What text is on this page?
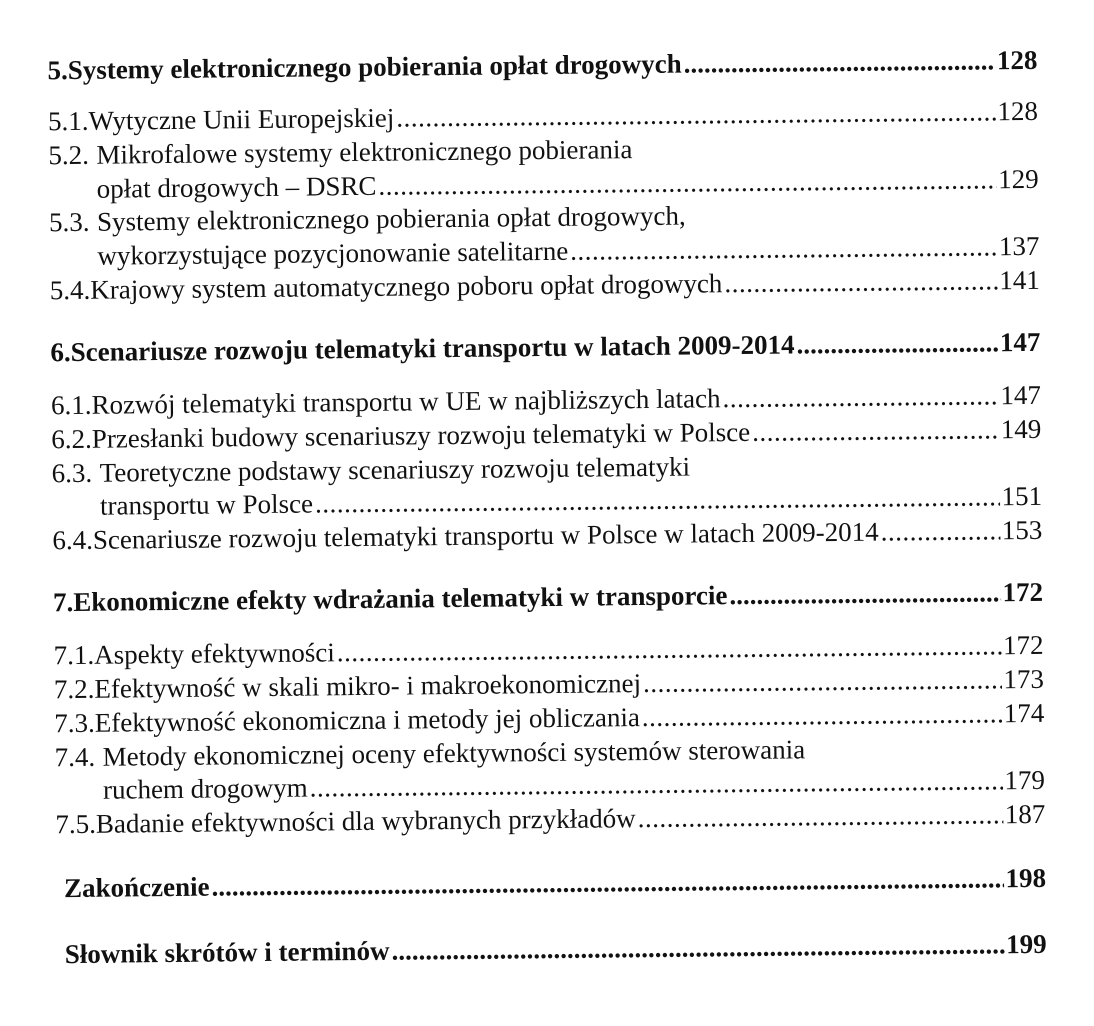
5. Systemy elektronicznego pobierania opłat drogowych .....	128
5.1. Wytyczne Unii Europejskiej .....	128
5.2. Mikrofalowe systemy elektronicznego pobierania
opłat drogowych – DSRC .....	129
5.3. Systemy elektronicznego pobierania opłat drogowych,
wykorzystujące pozycjonowanie satelitarne .....	137
5.4. Krajowy system automatycznego poboru opłat drogowych .....	141
6. Scenariusze rozwoju telematyki transportu w latach 2009-2014 .....	147
6.1. Rozwój telematyki transportu w UE w najbliższych latach .....	147
6.2. Przesłanki budowy scenariuszy rozwoju telematyki w Polsce .....	149
6.3. Teoretyczne podstawy scenariuszy rozwoju telematyki
transportu w Polsce .....	151
6.4. Scenariusze rozwoju telematyki transportu w Polsce w latach 2009-2014 .....	153
7. Ekonomiczne efekty wdrażania telematyki w transporcie .....	172
7.1. Aspekty efektywności .....	172
7.2. Efektywność w skali mikro- i makroekonomicznej .....	173
7.3. Efektywność ekonomiczna i metody jej obliczania .....	174
7.4. Metody ekonomicznej oceny efektywności systemów sterowania
ruchem drogowym .....	179
7.5. Badanie efektywności dla wybranych przykładów .....	187
Zakończenie .....	198
Słownik skrótów i terminów .....	199
